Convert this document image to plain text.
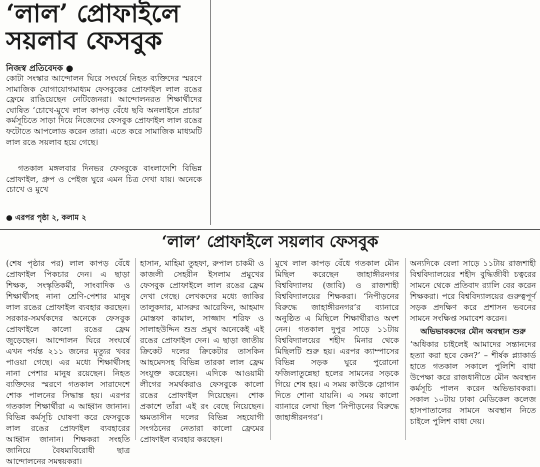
‘লাল’ প্রোফাইলে
সয়লাব ফেসবুক
নিজস্ব প্রতিবেদক ●
কোটা সংস্কার আন্দোলন ঘিরে সংঘর্ষে নিহত ব্যক্তিদের স্মরণে সামাজিক যোগাযোগমাধ্যম ফেসবুকের প্রোফাইল লাল রঙের ফ্রেমে রাঙিয়েছেন নেটিজেনরা। আন্দোলনরত শিক্ষার্থীদের ঘোষিত ‘চোখে-মুখে লাল কাপড় বেঁধে ছবি অনলাইনে প্রচার’ কর্মসূচিতে সাড়া দিয়ে নিজেদের ফেসবুক প্রোফাইল লাল রঙের ফটোতে আপলোড করেন তারা। এতে করে সামাজিক মাধ্যমটি লাল রঙে সয়লাব হয়ে গেছে।
গতকাল মঙ্গলবার দিনভর ফেসবুকে বাংলাদেশি বিভিন্ন প্রোফাইল, গ্রুপ ও পেইজ ঘুরে এমন চিত্র দেখা যায়। অনেকে চোখে ও মুখে
● এরপর পৃষ্ঠা ২, কলাম ২
‘লাল’ প্রোফাইলে সয়লাব ফেসবুক
(শেষ পৃষ্ঠার পর) লাল কাপড় বেঁধে প্রোফাইল পিকচার দেন। এ ছাড়া শিক্ষক, সংস্কৃতিকর্মী, সাংবাদিক ও শিক্ষার্থীসহ নানা শ্রেণি-পেশার মানুষ লাল রঙের প্রোফাইল ব্যবহার করছেন। সরকার-সমর্থকদের অনেকে ফেসবুক প্রোফাইলে কালো রঙের ফ্রেম জুড়েছেন। আন্দোলন ঘিরে সংঘর্ষে এখন পর্যন্ত ২১১ জনের মৃত্যুর খবর পাওয়া গেছে। এর মধ্যে শিক্ষার্থীসহ নানা পেশার মানুষ রয়েছেন। নিহত ব্যক্তিদের স্মরণে গতকাল সারাদেশে শোক পালনের সিদ্ধান্ত হয়। এরপর গতকাল শিক্ষার্থীরা এ আহ্বান জানান। বিভিন্ন কর্মসূচি ঘোষণা করে ফেসবুকে লাল রঙের প্রোফাইল ব্যবহারের আহ্বান জানান। শিক্ষকরা সংহতি জানিয়ে বৈষম্যবিরোধী ছাত্র আন্দোলনের সমন্বয়করা।
হাসান, মাহিমা তুহফা, রুপাল চাকমী ও কাজলী সেহরীন ইসলাম প্রমুখের ফেসবুক প্রোফাইলে লাল রঙের ফ্রেম দেখা গেছে। লেখকদের মধ্যে জাকির তালুকদার, মাসরুর আরেফিন, আহমাদ মোস্তফা কামাল, সাজ্জাদ শরিফ ও সালাহউদ্দিন শুভ্র প্রমুখ অনেকেই এই রঙের প্রোফাইল দেন। এ ছাড়া জাতীয় ক্রিকেট দলের ক্রিকেটার তাসকিন আহমেদসহ বিভিন্ন তারকা লাল ফ্রেম সংযুক্ত করেছেন। এদিকে আওয়ামী লীগের সমর্থকরাও ফেসবুকে কালো রঙের প্রোফাইল দিয়েছেন। শোক প্রকাশে তাঁরা এই রং বেছে নিয়েছেন। ক্ষমতাসীন দলের বিভিন্ন সহযোগী সংগঠনের নেতারা কালো ফ্রেমের প্রোফাইল ব্যবহার করছেন।
মুখে লাল কাপড় বেঁধে গতকাল মৌন মিছিল করেছেন জাহাঙ্গীরনগর বিশ্ববিদ্যালয় (জাবি) ও রাজশাহী বিশ্ববিদ্যালয়ের শিক্ষকরা। ‘নিপীড়নের বিরুদ্ধে জাহাঙ্গীরনগর’র ব্যানারে অনুষ্ঠিত এ মিছিলে শিক্ষার্থীরাও অংশ নেন। গতকাল দুপুর সাড়ে ১১টায় বিশ্ববিদ্যালয়ের শহীদ মিনার থেকে মিছিলটি শুরু হয়। এরপর ক্যাম্পাসের বিভিন্ন সড়ক ঘুরে পুরোনো ফজিলাতুন্নেছা হলের সামনের সড়কে গিয়ে শেষ হয়। এ সময় কাউকে স্লোগান দিতে শোনা যায়নি। এ সময় কালো ব্যানারে লেখা ছিল ‘নিপীড়নের বিরুদ্ধে জাহাঙ্গীরনগর’।
অন্যদিকে বেলা সাড়ে ১১টায় রাজশাহী বিশ্ববিদ্যালয়ের শহীদ বুদ্ধিজীবী চত্বরের সামনে থেকে প্রতিবাদ র‍্যালি বের করেন শিক্ষকরা। পরে বিশ্ববিদ্যালয়ের গুরুত্বপূর্ণ সড়ক প্রদক্ষিণ করে প্রশাসন ভবনের সামনে সংক্ষিপ্ত সমাবেশ করেন।
অভিভাবকদের মৌন অবস্থান শুরু
‘অধিকার চাইলেই আমাদের সন্তানদের হত্যা করা হবে কেন?’ – শীর্ষক প্ল্যাকার্ড হাতে গতকাল সকালে পুলিশি বাধা উপেক্ষা করে রাজধানীতে মৌন অবস্থান কর্মসূচি পালন করেন অভিভাবকরা। সকাল ১০টায় ঢাকা মেডিকেল কলেজ হাসপাতালের সামনে অবস্থান নিতে চাইলে পুলিশ বাধা দেয়।
